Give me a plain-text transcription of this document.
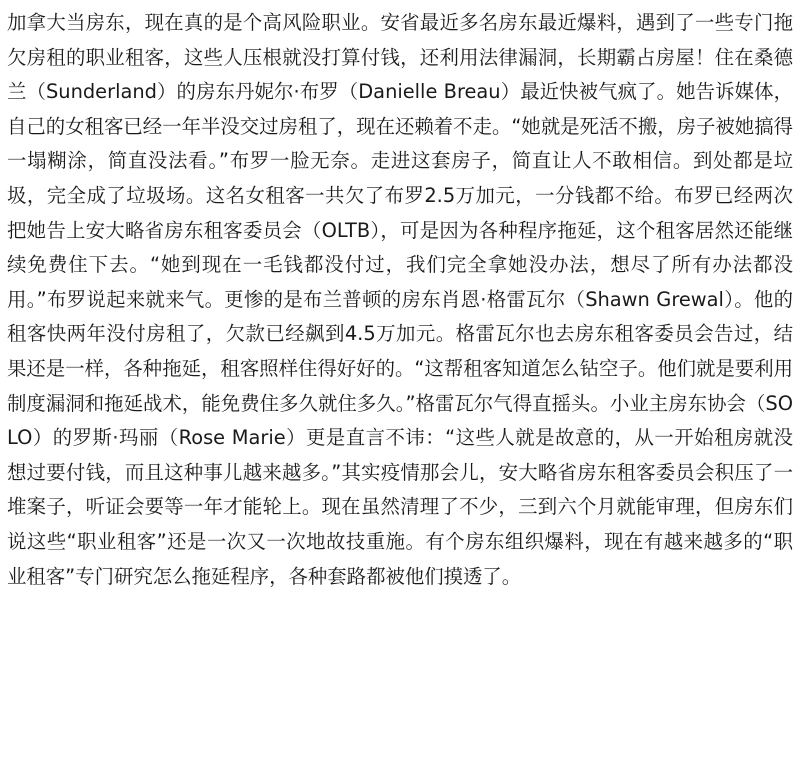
加拿大当房东，现在真的是个高风险职业。安省最近多名房东最近爆料，遇到了一些专门拖欠房租的职业租客，这些人压根就没打算付钱，还利用法律漏洞，长期霸占房屋！住在桑德兰（Sunderland）的房东丹妮尔·布罗（Danielle Breau）最近快被气疯了。她告诉媒体，自己的女租客已经一年半没交过房租了，现在还赖着不走。“她就是死活不搬，房子被她搞得一塌糊涂，简直没法看。”布罗一脸无奈。走进这套房子，简直让人不敢相信。到处都是垃圾，完全成了垃圾场。这名女租客一共欠了布罗2.5万加元，一分钱都不给。布罗已经两次把她告上安大略省房东租客委员会（OLTB），可是因为各种程序拖延，这个租客居然还能继续免费住下去。“她到现在一毛钱都没付过，我们完全拿她没办法，想尽了所有办法都没用。”布罗说起来就来气。更惨的是布兰普顿的房东肖恩·格雷瓦尔（Shawn Grewal）。他的租客快两年没付房租了，欠款已经飙到4.5万加元。格雷瓦尔也去房东租客委员会告过，结果还是一样，各种拖延，租客照样住得好好的。“这帮租客知道怎么钻空子。他们就是要利用制度漏洞和拖延战术，能免费住多久就住多久。”格雷瓦尔气得直摇头。小业主房东协会（SOLO）的罗斯·玛丽（Rose Marie）更是直言不讳：“这些人就是故意的，从一开始租房就没想过要付钱，而且这种事儿越来越多。”其实疫情那会儿，安大略省房东租客委员会积压了一堆案子，听证会要等一年才能轮上。现在虽然清理了不少，三到六个月就能审理，但房东们说这些“职业租客”还是一次又一次地故技重施。有个房东组织爆料，现在有越来越多的“职业租客”专门研究怎么拖延程序，各种套路都被他们摸透了。
